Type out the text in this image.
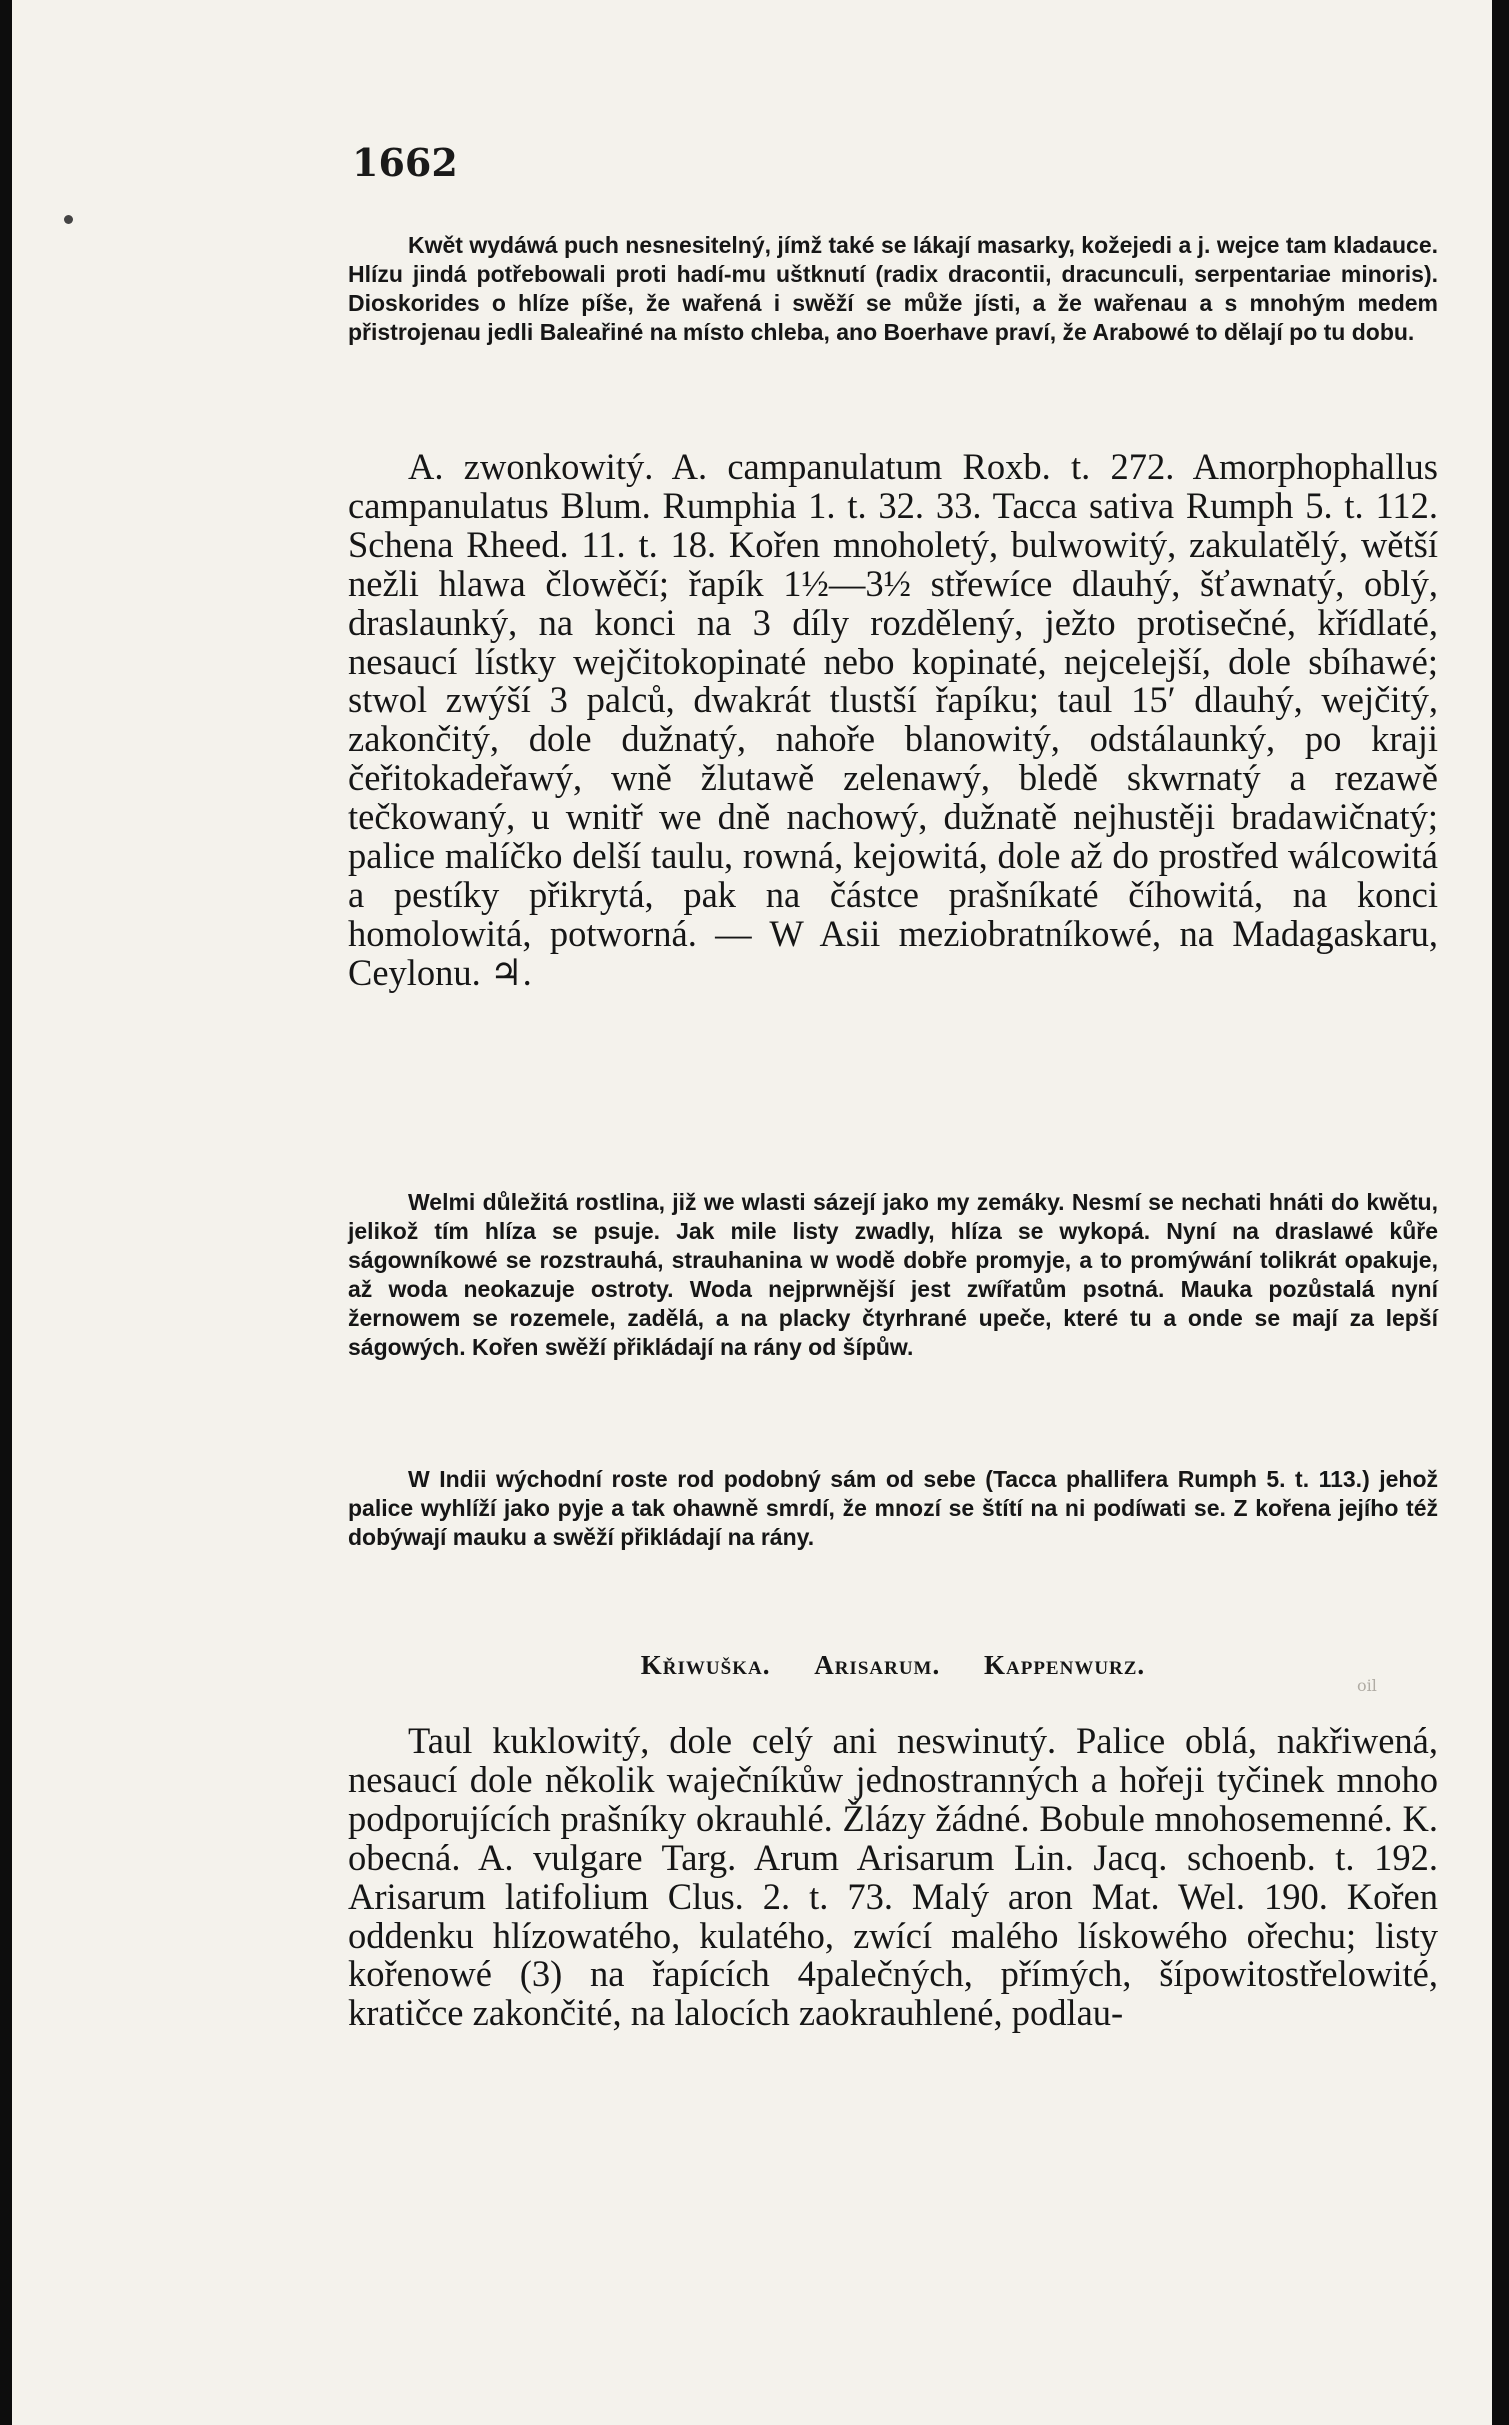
1662

Kwět wydáwá puch nesnesitelný, jímž také se lákají masarky, kožejedi a j. wejce tam kladauce. Hlízu jindá potřebowali proti hadí-mu uštknutí (radix dracontii, dracunculi, serpentariae minoris). Dioskorides o hlíze píše, že wařená i swěží se může jísti, a že wařenau a s mnohým medem přistrojenau jedli Baleařiné na místo chleba, ano Boerhave praví, že Arabowé to dělají po tu dobu.

A. zwonkowitý. A. campanulatum Roxb. t. 272. Amorphophallus campanulatus Blum. Rumphia 1. t. 32. 33. Tacca sativa Rumph 5. t. 112. Schena Rheed. 11. t. 18. Kořen mnoholetý, bulwowitý, zakulatělý, wětší nežli hlawa člowěčí; řapík 1½—3½ střewíce dlauhý, šťawnatý, oblý, draslaunký, na konci na 3 díly rozdělený, ježto protisečné, křídlaté, nesaucí lístky wejčitokopinaté nebo kopinaté, nejcelejší, dole sbíhawé; stwol zwýší 3 palců, dwakrát tlustší řapíku; taul 15′ dlauhý, wejčitý, zakončitý, dole dužnatý, nahoře blanowitý, odstálaunký, po kraji čeřitokadeřawý, wně žlutawě zelenawý, bledě skwrnatý a rezawě tečkowaný, u wnitř we dně nachowý, dužnatě nejhustěji bradawičnatý; palice malíčko delší taulu, rowná, kejowitá, dole až do prostřed wálcowitá a pestíky přikrytá, pak na částce prašníkaté číhowitá, na konci homolowitá, potworná. — W Asii meziobratníkowé, na Madagaskaru, Ceylonu. ♃.

Welmi důležitá rostlina, již we wlasti sázejí jako my zemáky. Nesmí se nechati hnáti do kwětu, jelikož tím hlíza se psuje. Jak mile listy zwadly, hlíza se wykopá. Nyní na draslawé kůře ságowníkowé se rozstrauhá, strauhanina w wodě dobře promyje, a to promýwání tolikrát opakuje, až woda neokazuje ostroty. Woda nejprwnější jest zwířatům psotná. Mauka pozůstalá nyní žernowem se rozemele, zadělá, a na placky čtyrhrané upeče, které tu a onde se mají za lepší ságowých. Kořen swěží přikládají na rány od šípůw.

W Indii wýchodní roste rod podobný sám od sebe (Tacca phallifera Rumph 5. t. 113.) jehož palice wyhlíží jako pyje a tak ohawně smrdí, že mnozí se štítí na ni podíwati se. Z kořena jejího též dobýwají mauku a swěží přikládají na rány.

Křiwuška. Arisarum. Kappenwurz.
oil

Taul kuklowitý, dole celý ani neswinutý. Palice oblá, nakřiwená, nesaucí dole několik waječníkůw jednostranných a hořeji tyčinek mnoho podporujících prašníky okrauhlé. Žlázy žádné. Bobule mnohosemenné. K. obecná. A. vulgare Targ. Arum Arisarum Lin. Jacq. schoenb. t. 192. Arisarum latifolium Clus. 2. t. 73. Malý aron Mat. Wel. 190. Kořen oddenku hlízowatého, kulatého, zwící malého lískowého ořechu; listy kořenowé (3) na řapících 4palečných, přímých, šípowitostřelowité, kratičce zakončité, na lalocích zaokrauhlené, podlau-
